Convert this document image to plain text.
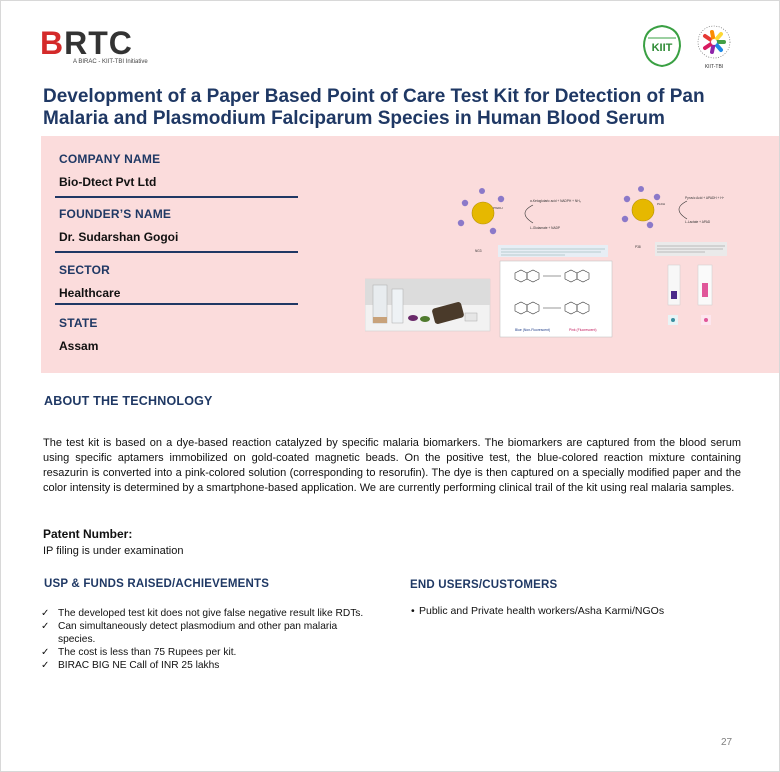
BRTC
A BIRAC - KIIT-TBI Initiative
KIIT
KIIT-TBI
Development of a Paper Based Point of Care Test Kit for Detection of Pan Malaria and Plasmodium Falciparum Species in Human Blood Serum
COMPANY NAME
Bio-Dtect Pvt Ltd
FOUNDER’S NAME
Dr. Sudarshan Gogoi
SECTOR
Healthcare
STATE
Assam
PfGDH
α-Ketoglutaric acid + NADPH + NH₃
L-Glutamate + NADP
NG3
PLDH
Pyruvic Acid + APADH + H⁺
L-Lactate + APAD
P38
Blue (Non-Fluorescent)	Pink (Fluorescent)
ABOUT THE TECHNOLOGY
The test kit is based on a dye-based reaction catalyzed by specific malaria biomarkers. The biomarkers are captured from the blood serum using specific aptamers immobilized on gold-coated magnetic beads. On the positive test, the blue-colored reaction mixture containing resazurin is converted into a pink-colored solution (corresponding to resorufin). The dye is then captured on a specially modified paper and the color intensity is determined by a smartphone-based application. We are currently performing clinical trail of the kit using real malaria samples.
Patent Number:
IP filing is under examination
USP & FUNDS RAISED/ACHIEVEMENTS
✓ The developed test kit does not give false negative result like RDTs.
✓ Can simultaneously detect plasmodium and other pan malaria species.
✓ The cost is less than 75 Rupees per kit.
✓ BIRAC BIG NE Call of INR 25 lakhs
END USERS/CUSTOMERS
• Public and Private health workers/Asha Karmi/NGOs
27
